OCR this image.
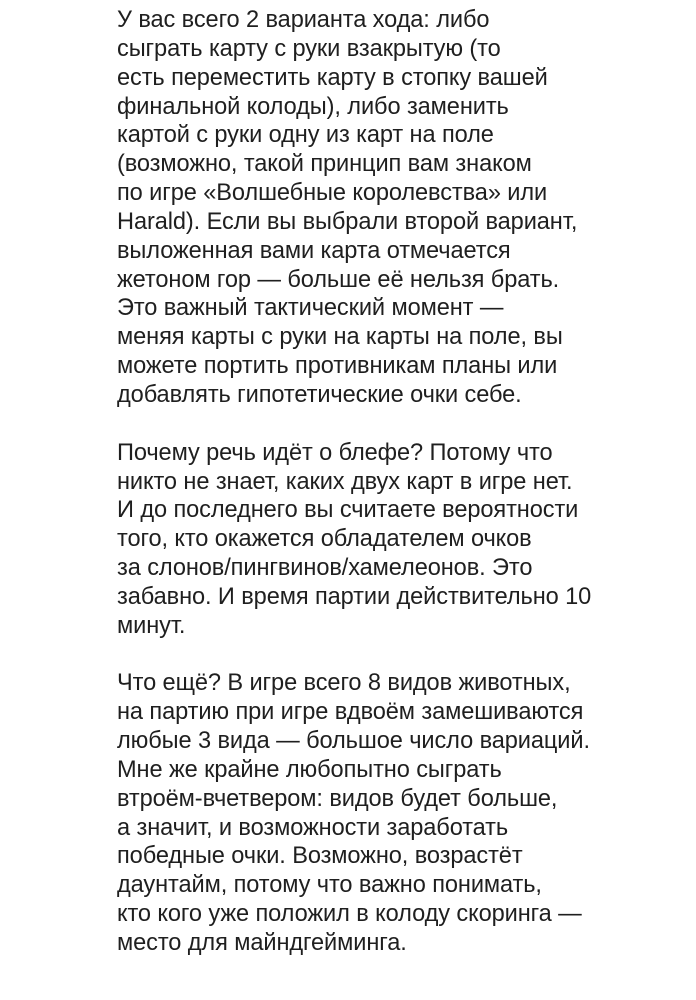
У вас всего 2 варианта хода: либо
сыграть карту с руки взакрытую (то
есть переместить карту в стопку вашей
финальной колоды), либо заменить
картой с руки одну из карт на поле
(возможно, такой принцип вам знаком
по игре «Волшебные королевства» или
Harald). Если вы выбрали второй вариант,
выложенная вами карта отмечается
жетоном гор — больше её нельзя брать.
Это важный тактический момент —
меняя карты с руки на карты на поле, вы
можете портить противникам планы или
добавлять гипотетические очки себе.

Почему речь идёт о блефе? Потому что
никто не знает, каких двух карт в игре нет.
И до последнего вы считаете вероятности
того, кто окажется обладателем очков
за слонов/пингвинов/хамелеонов. Это
забавно. И время партии действительно 10
минут.

Что ещё? В игре всего 8 видов животных,
на партию при игре вдвоём замешиваются
любые 3 вида — большое число вариаций.
Мне же крайне любопытно сыграть
втроём-вчетвером: видов будет больше,
а значит, и возможности заработать
победные очки. Возможно, возрастёт
даунтайм, потому что важно понимать,
кто кого уже положил в колоду скоринга —
место для майндгейминга.
